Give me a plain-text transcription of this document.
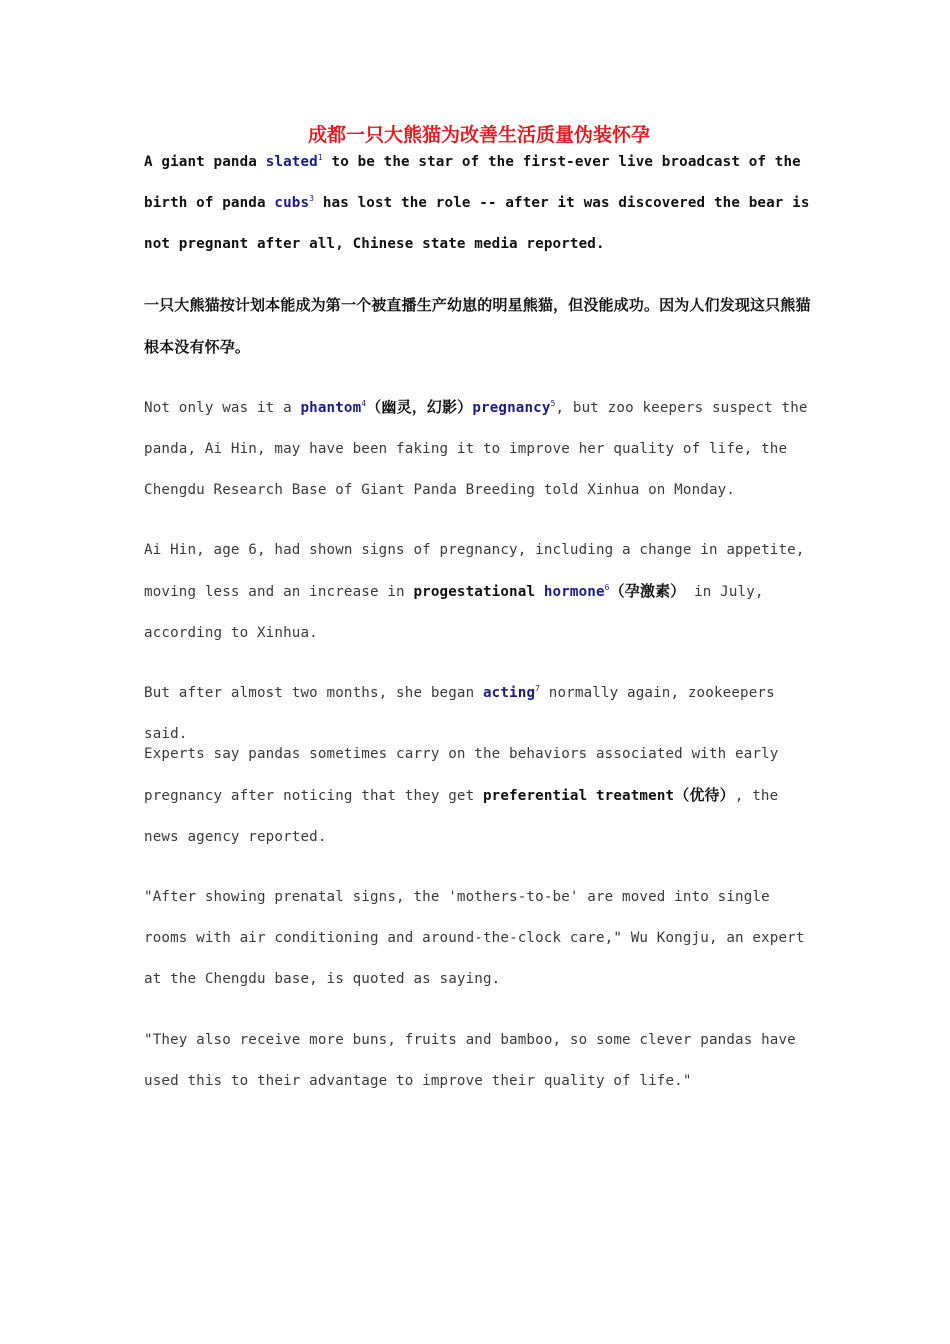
成都一只大熊猫为改善生活质量伪装怀孕
A giant panda slated$^1$ to be the star of the first-ever live broadcast of the birth of panda cubs$^3$ has lost the role -- after it was discovered the bear is not pregnant after all, Chinese state media reported.
一只大熊猫按计划本能成为第一个被直播生产幼崽的明星熊猫，但没能成功。因为人们发现这只熊猫根本没有怀孕。
Not only was it a phantom$^4$（幽灵，幻影）pregnancy$^5$, but zoo keepers suspect the panda, Ai Hin, may have been faking it to improve her quality of life, the Chengdu Research Base of Giant Panda Breeding told Xinhua on Monday.
Ai Hin, age 6, had shown signs of pregnancy, including a change in appetite, moving less and an increase in progestational hormone$^6$（孕激素） in July, according to Xinhua.
But after almost two months, she began acting$^7$ normally again, zookeepers said.
Experts say pandas sometimes carry on the behaviors associated with early pregnancy after noticing that they get preferential treatment（优待）, the news agency reported.
"After showing prenatal signs, the 'mothers-to-be' are moved into single rooms with air conditioning and around-the-clock care," Wu Kongju, an expert at the Chengdu base, is quoted as saying.
"They also receive more buns, fruits and bamboo, so some clever pandas have used this to their advantage to improve their quality of life."
